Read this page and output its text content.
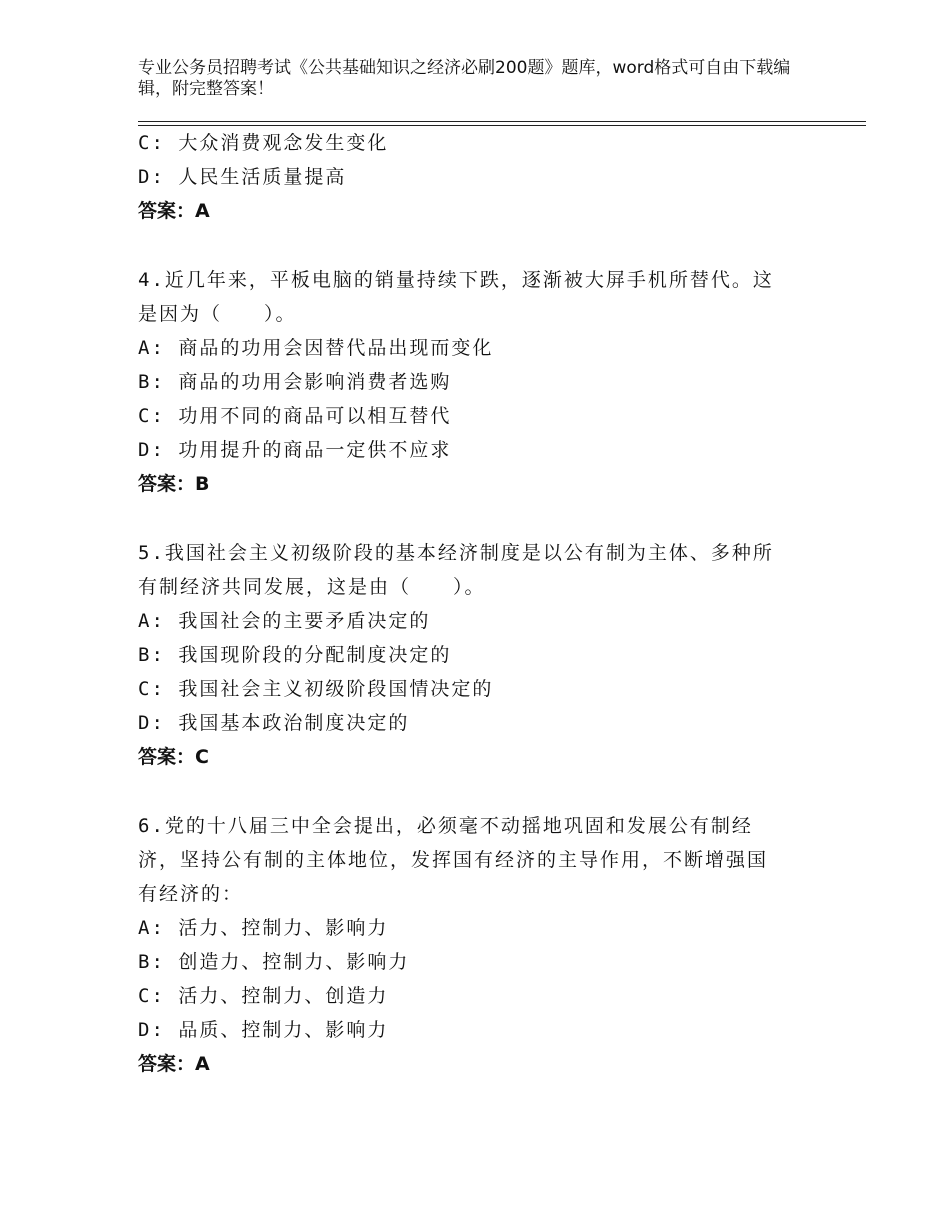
专业公务员招聘考试《公共基础知识之经济必刷200题》题库，word格式可自由下载编辑，附完整答案！
C: 大众消费观念发生变化
D: 人民生活质量提高
答案：A
4.近几年来，平板电脑的销量持续下跌，逐渐被大屏手机所替代。这
是因为（　　）。
A: 商品的功用会因替代品出现而变化
B: 商品的功用会影响消费者选购
C: 功用不同的商品可以相互替代
D: 功用提升的商品一定供不应求
答案：B
5.我国社会主义初级阶段的基本经济制度是以公有制为主体、多种所
有制经济共同发展，这是由（　　）。
A: 我国社会的主要矛盾决定的
B: 我国现阶段的分配制度决定的
C: 我国社会主义初级阶段国情决定的
D: 我国基本政治制度决定的
答案：C
6.党的十八届三中全会提出，必须毫不动摇地巩固和发展公有制经
济，坚持公有制的主体地位，发挥国有经济的主导作用，不断增强国
有经济的：
A: 活力、控制力、影响力
B: 创造力、控制力、影响力
C: 活力、控制力、创造力
D: 品质、控制力、影响力
答案：A
